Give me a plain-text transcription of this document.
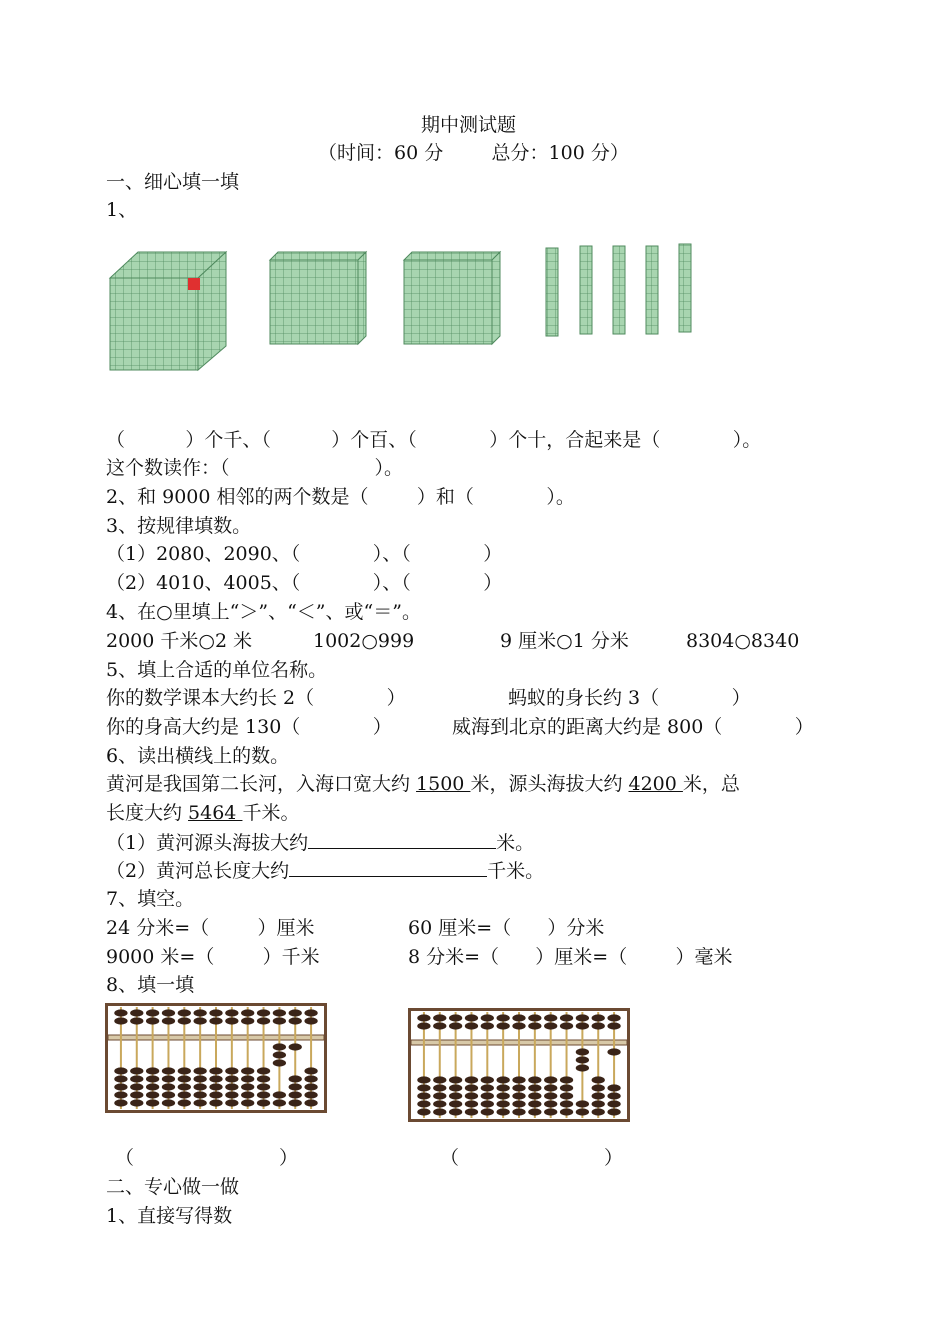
期中测试题
（时间：60 分        总分：100 分）
一、细心填一填
1、
（          ）个千、（          ）个百、（            ）个十，合起来是（            ）。
这个数读作：（                        ）。
2、和 9000 相邻的两个数是（        ）和（            ）。
3、按规律填数。
（1）2080、2090、（            ）、（            ）
（2）4010、4005、（            ）、（            ）
4、在○里填上“＞”、“＜”、或“＝”。
2000 千米○2 米	1002○999	9 厘米○1 分米	8304○8340
5、填上合适的单位名称。
你的数学课本大约长 2（            ）	蚂蚁的身长约 3（            ）
你的身高大约是 130（            ）	威海到北京的距离大约是 800（            ）
6、读出横线上的数。
黄河是我国第二长河，入海口宽大约 1500 米，源头海拔大约 4200 米，总
长度大约 5464 千米。
（1）黄河源头海拔大约	米。
（2）黄河总长度大约	千米。
7、填空。
24 分米=（        ）厘米	60 厘米=（      ）分米
9000 米=（        ）千米	8 分米=（      ）厘米=（        ）毫米
8、填一填
（                        ）	（                        ）
二、专心做一做
1、直接写得数
